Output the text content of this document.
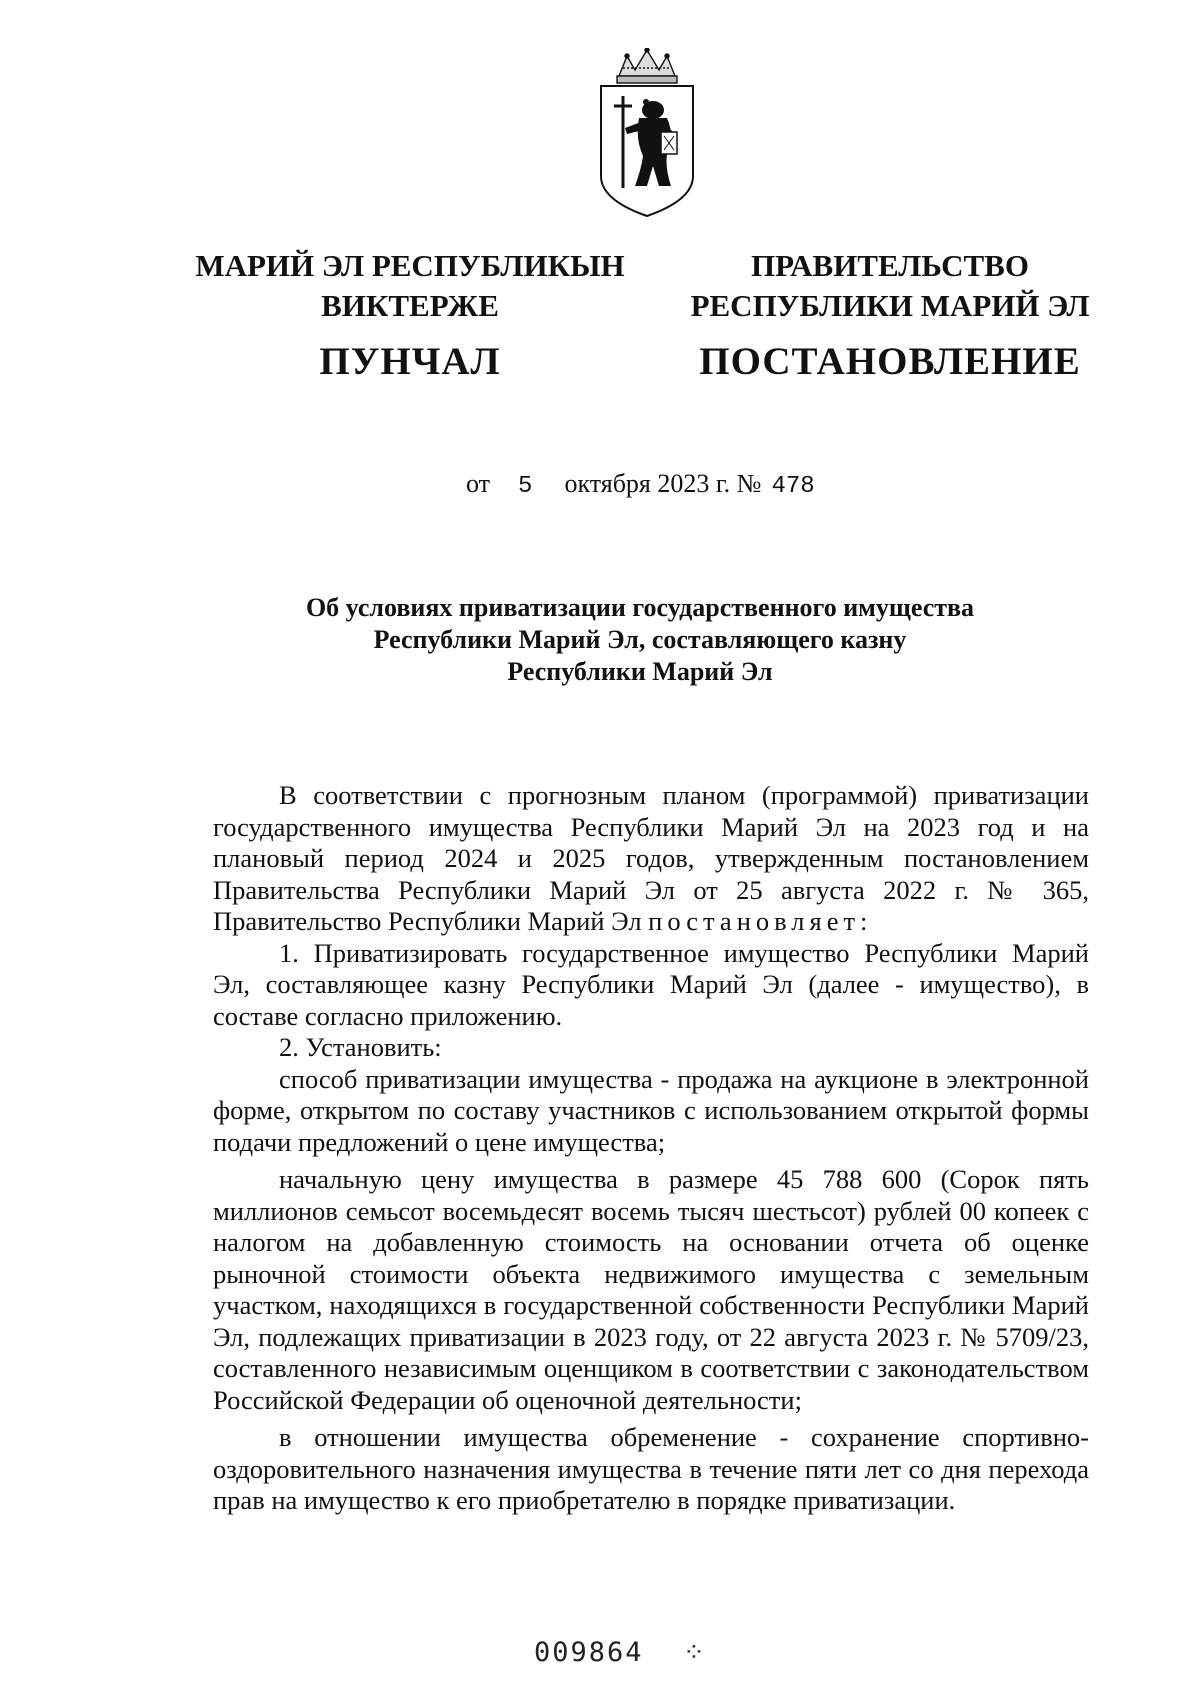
МАРИЙ ЭЛ РЕСПУБЛИКЫН
ВИКТЕРЖЕ
ПУНЧАЛ
ПРАВИТЕЛЬСТВО
РЕСПУБЛИКИ МАРИЙ ЭЛ
ПОСТАНОВЛЕНИЕ
от 5 октября 2023 г. № 478
Об условиях приватизации государственного имущества
Республики Марий Эл, составляющего казну
Республики Марий Эл

В соответствии с прогнозным планом (программой) приватизации государственного имущества Республики Марий Эл на 2023 год и на плановый период 2024 и 2025 годов, утвержденным постановлением Правительства Республики Марий Эл от 25 августа 2022 г. № 365, Правительство Республики Марий Эл постановляет:

1. Приватизировать государственное имущество Республики Марий Эл, составляющее казну Республики Марий Эл (далее - имущество), в составе согласно приложению.

2. Установить:

способ приватизации имущества - продажа на аукционе в электронной форме, открытом по составу участников с использованием открытой формы подачи предложений о цене имущества;

начальную цену имущества в размере 45 788 600 (Сорок пять миллионов семьсот восемьдесят восемь тысяч шестьсот) рублей 00 копеек с налогом на добавленную стоимость на основании отчета об оценке рыночной стоимости объекта недвижимого имущества с земельным участком, находящихся в государственной собственности Республики Марий Эл, подлежащих приватизации в 2023 году, от 22 августа 2023 г. № 5709/23, составленного независимым оценщиком в соответствии с законодательством Российской Федерации об оценочной деятельности;

в отношении имущества обременение - сохранение спортивно-оздоровительного назначения имущества в течение пяти лет со дня перехода прав на имущество к его приобретателю в порядке приватизации.

009864 ⁘
